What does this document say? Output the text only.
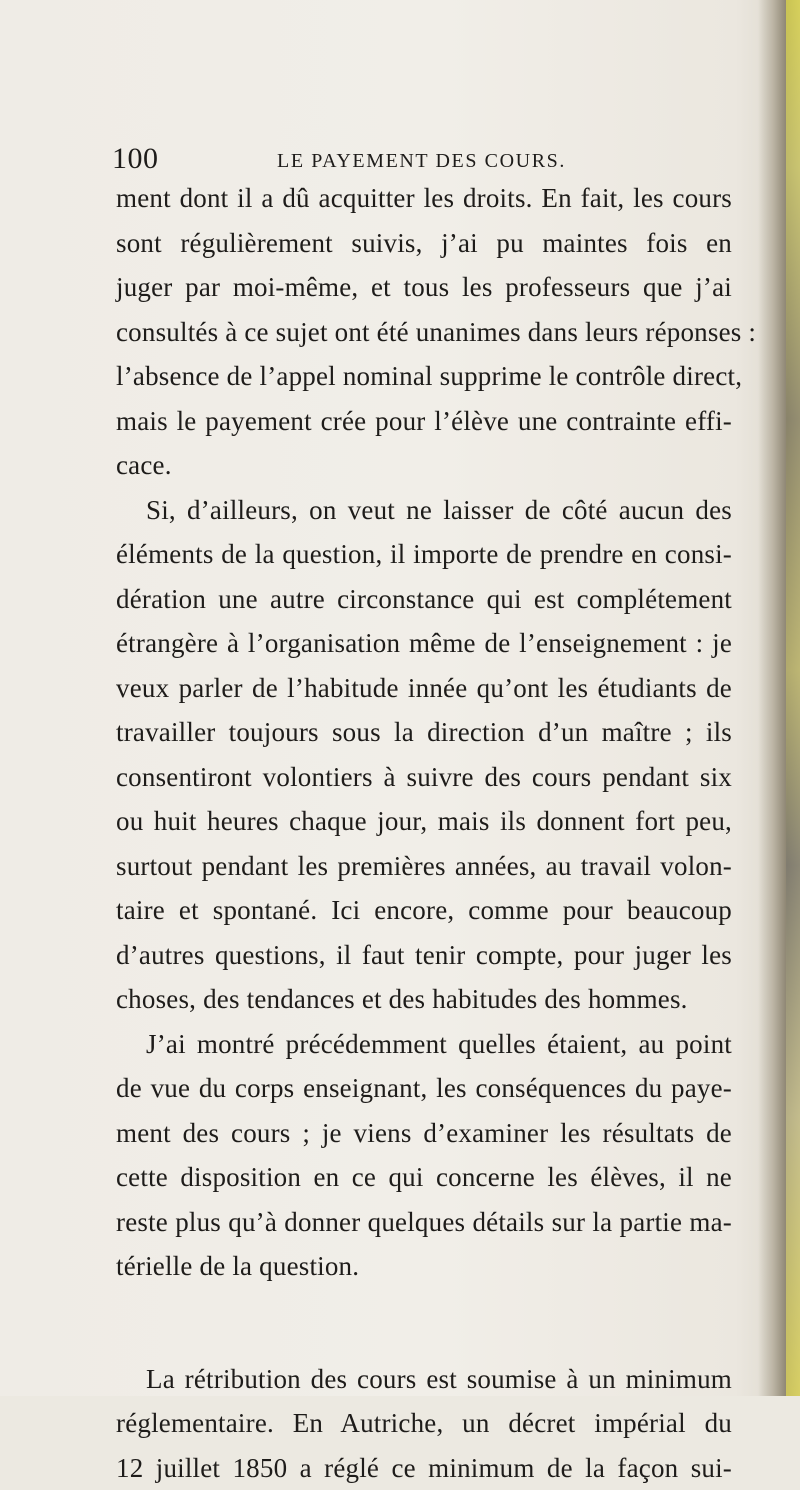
100	LE PAYEMENT DES COURS.
ment dont il a dû acquitter les droits. En fait, les cours
sont régulièrement suivis, j’ai pu maintes fois en
juger par moi-même, et tous les professeurs que j’ai
consultés à ce sujet ont été unanimes dans leurs réponses :
l’absence de l’appel nominal supprime le contrôle direct,
mais le payement crée pour l’élève une contrainte effi-
cace.
Si, d’ailleurs, on veut ne laisser de côté aucun des
éléments de la question, il importe de prendre en consi-
dération une autre circonstance qui est complétement
étrangère à l’organisation même de l’enseignement : je
veux parler de l’habitude innée qu’ont les étudiants de
travailler toujours sous la direction d’un maître ; ils
consentiront volontiers à suivre des cours pendant six
ou huit heures chaque jour, mais ils donnent fort peu,
surtout pendant les premières années, au travail volon-
taire et spontané. Ici encore, comme pour beaucoup
d’autres questions, il faut tenir compte, pour juger les
choses, des tendances et des habitudes des hommes.
J’ai montré précédemment quelles étaient, au point
de vue du corps enseignant, les conséquences du paye-
ment des cours ; je viens d’examiner les résultats de
cette disposition en ce qui concerne les élèves, il ne
reste plus qu’à donner quelques détails sur la partie ma-
térielle de la question.
La rétribution des cours est soumise à un minimum
réglementaire. En Autriche, un décret impérial du
12 juillet 1850 a réglé ce minimum de la façon sui-
